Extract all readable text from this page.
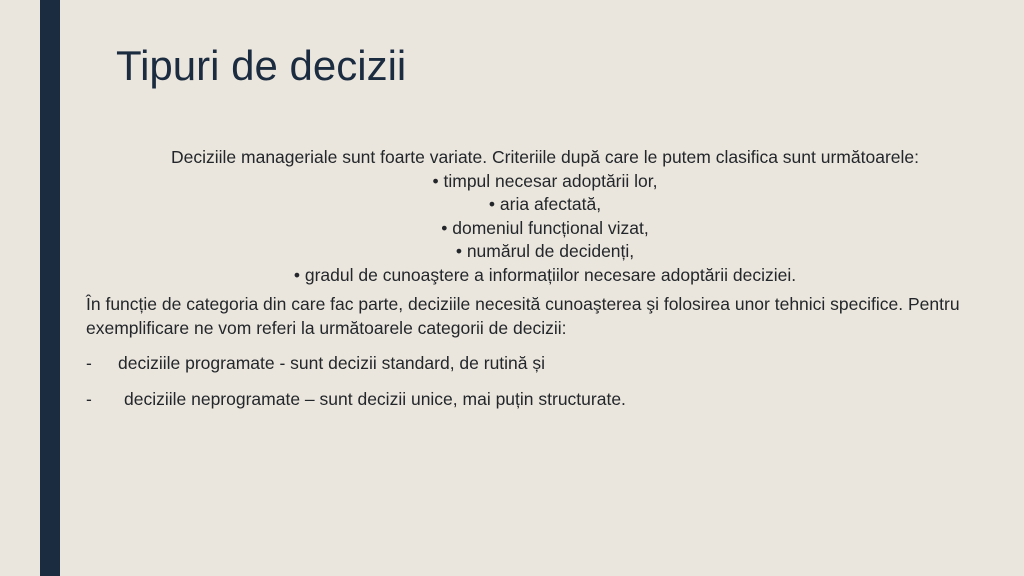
Tipuri de decizii
Deciziile manageriale sunt foarte variate. Criteriile după care le putem clasifica sunt următoarele:
• timpul necesar adoptării lor,
• aria afectată,
• domeniul funcțional vizat,
• numărul de decidenți,
• gradul de cunoaştere a informațiilor necesare adoptării deciziei.
În funcție de categoria din care fac parte, deciziile necesită cunoaşterea şi folosirea unor tehnici specifice. Pentru exemplificare ne vom referi la următoarele categorii de decizii:
- deciziile programate - sunt decizii standard, de rutină și
- deciziile neprogramate – sunt decizii unice, mai puțin structurate.
